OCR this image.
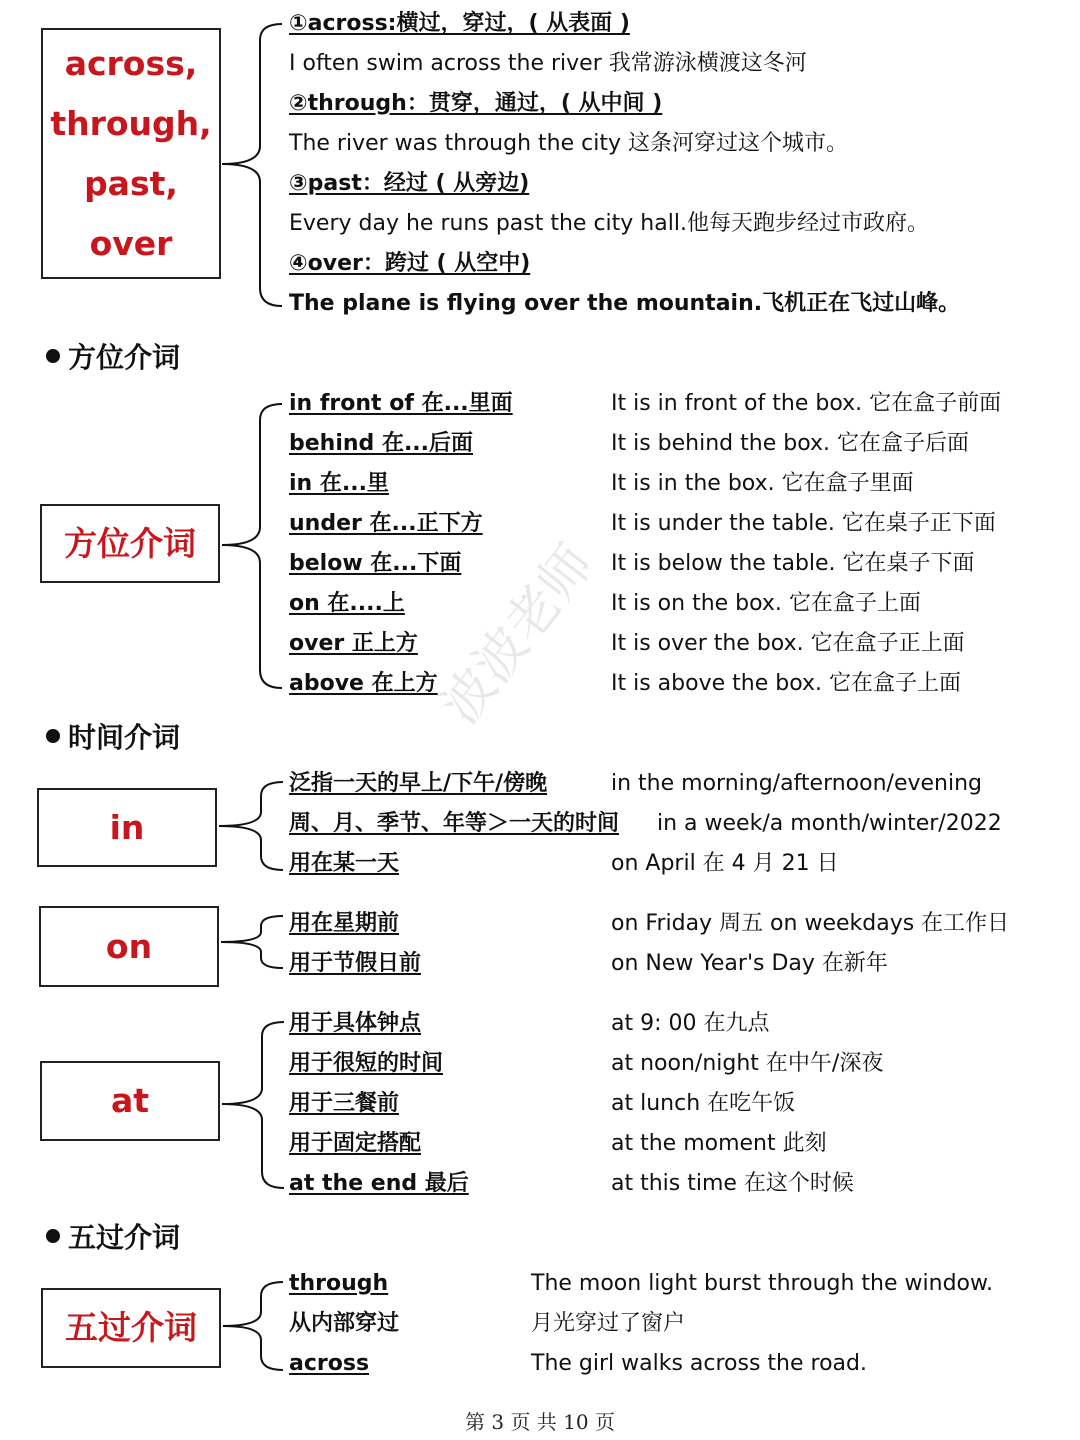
across,
through,
past,
over
①across:横过，穿过，( 从表面 )
I often swim across the river 我常游泳横渡这冬河
②through：贯穿，通过，( 从中间 )
The river was through the city 这条河穿过这个城市。
③past：经过 ( 从旁边)
Every day he runs past the city hall.他每天跑步经过市政府。
④over：跨过 ( 从空中)
The plane is flying over the mountain.飞机正在飞过山峰。
方位介词
方位介词
in front of 在...里面	It is in front of the box. 它在盒子前面
behind 在...后面	It is behind the box. 它在盒子后面
in 在...里	It is in the box. 它在盒子里面
under 在...正下方	It is under the table. 它在桌子正下面
below 在...下面	It is below the table. 它在桌子下面
on 在....上	It is on the box. 它在盒子上面
over 正上方	It is over the box. 它在盒子正上面
above 在上方	It is above the box. 它在盒子上面
时间介词
in
泛指一天的早上/下午/傍晚	in the morning/afternoon/evening
周、月、季节、年等＞一天的时间 in a week/a month/winter/2022
用在某一天	on April 在 4 月 21 日
on
用在星期前	on Friday 周五 on weekdays 在工作日
用于节假日前	on New Year's Day 在新年
at
用于具体钟点	at 9: 00 在九点
用于很短的时间	at noon/night 在中午/深夜
用于三餐前	at lunch 在吃午饭
用于固定搭配	at the moment 此刻
at the end 最后	at this time 在这个时候
五过介词
五过介词
through	The moon light burst through the window.
从内部穿过	月光穿过了窗户
across	The girl walks across the road.
波波老师
第 3 页 共 10 页
